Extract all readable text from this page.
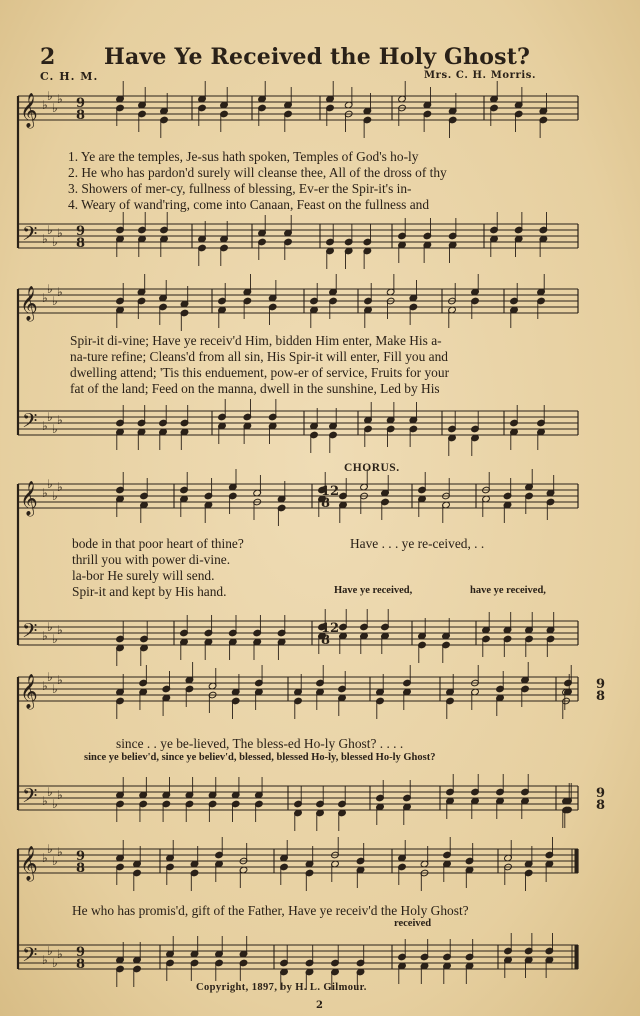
2 Have Ye Received the Holy Ghost?
C. H. M.	Mrs. C. H. Morris.
𝄞
𝄢
♭
♭
♭
♭
♭
♭
♭
♭
9
8
9
8
𝄞
𝄢
♭
♭
♭
♭
♭
♭
♭
♭
𝄞
𝄢
♭
♭
♭
♭
♭
♭
♭
♭
𝄞
𝄢
♭
♭
♭
♭
♭
♭
♭
♭
𝄞
𝄢
♭
♭
♭
♭
♭
♭
♭
♭
9
8
9
8
12
8
12
8
9
8
9
8
1. Ye are the temples, Je-sus hath spoken, Temples of God's ho-ly
2. He who has pardon'd surely will cleanse thee, All of the dross of thy
3. Showers of mer-cy, fullness of blessing, Ev-er the Spir-it's in-
4. Weary of wand'ring, come into Canaan, Feast on the fullness and
Spir-it di-vine; Have ye receiv'd Him, bidden Him enter, Make His a-
na-ture refine; Cleans'd from all sin, His Spir-it will enter, Fill you and
dwelling attend; 'Tis this enduement, pow-er of service, Fruits for your
fat of the land; Feed on the manna, dwell in the sunshine, Led by His
CHORUS.
bode in that poor heart of thine?
thrill you with power di-vine.
la-bor He surely will send.
Spir-it and kept by His hand.
Have . . . ye re-ceived, . .
Have ye received,	have ye received,
since . . ye be-lieved, The bless-ed Ho-ly Ghost? . . . .
since ye believ'd, since ye believ'd, blessed, blessed Ho-ly, blessed Ho-ly Ghost?
He who has promis'd, gift of the Father, Have ye receiv'd the Holy Ghost?
received
Copyright, 1897, by H. L. Gilmour.
2
